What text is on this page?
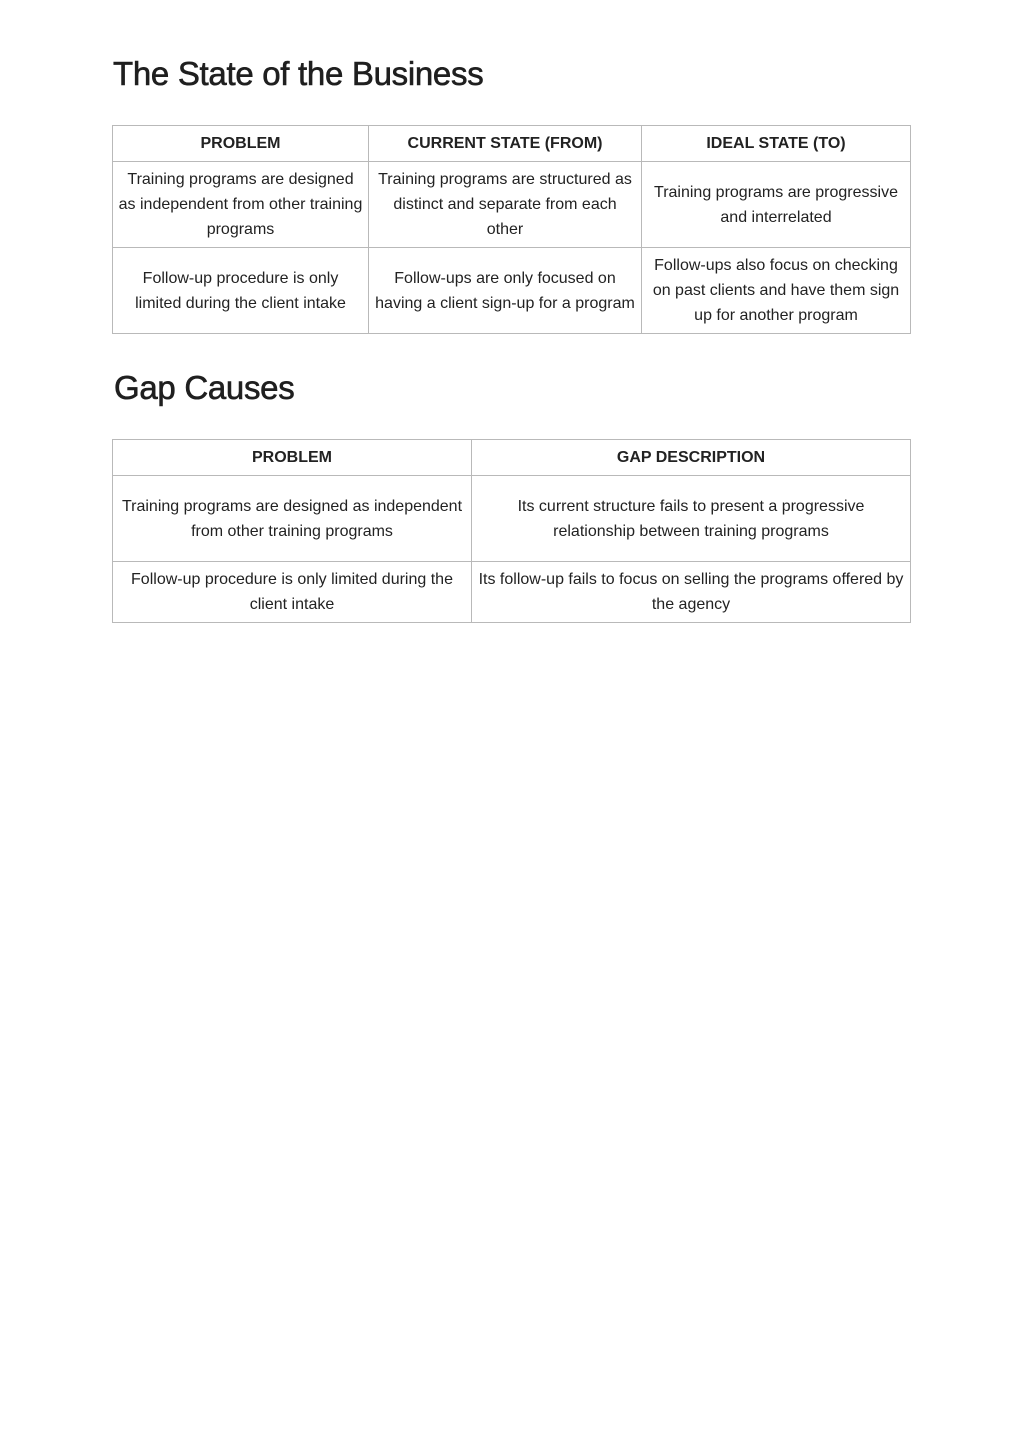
The State of the Business
PROBLEM	CURRENT STATE (FROM)	IDEAL STATE (TO)
Training programs are designed as independent from other training programs	Training programs are structured as distinct and separate from each other	Training programs are progressive and interrelated
Follow-up procedure is only limited during the client intake	Follow-ups are only focused on having a client sign-up for a program	Follow-ups also focus on checking on past clients and have them sign up for another program
Gap Causes
PROBLEM	GAP DESCRIPTION
Training programs are designed as independent from other training programs	Its current structure fails to present a progressive relationship between training programs
Follow-up procedure is only limited during the client intake	Its follow-up fails to focus on selling the programs offered by the agency
